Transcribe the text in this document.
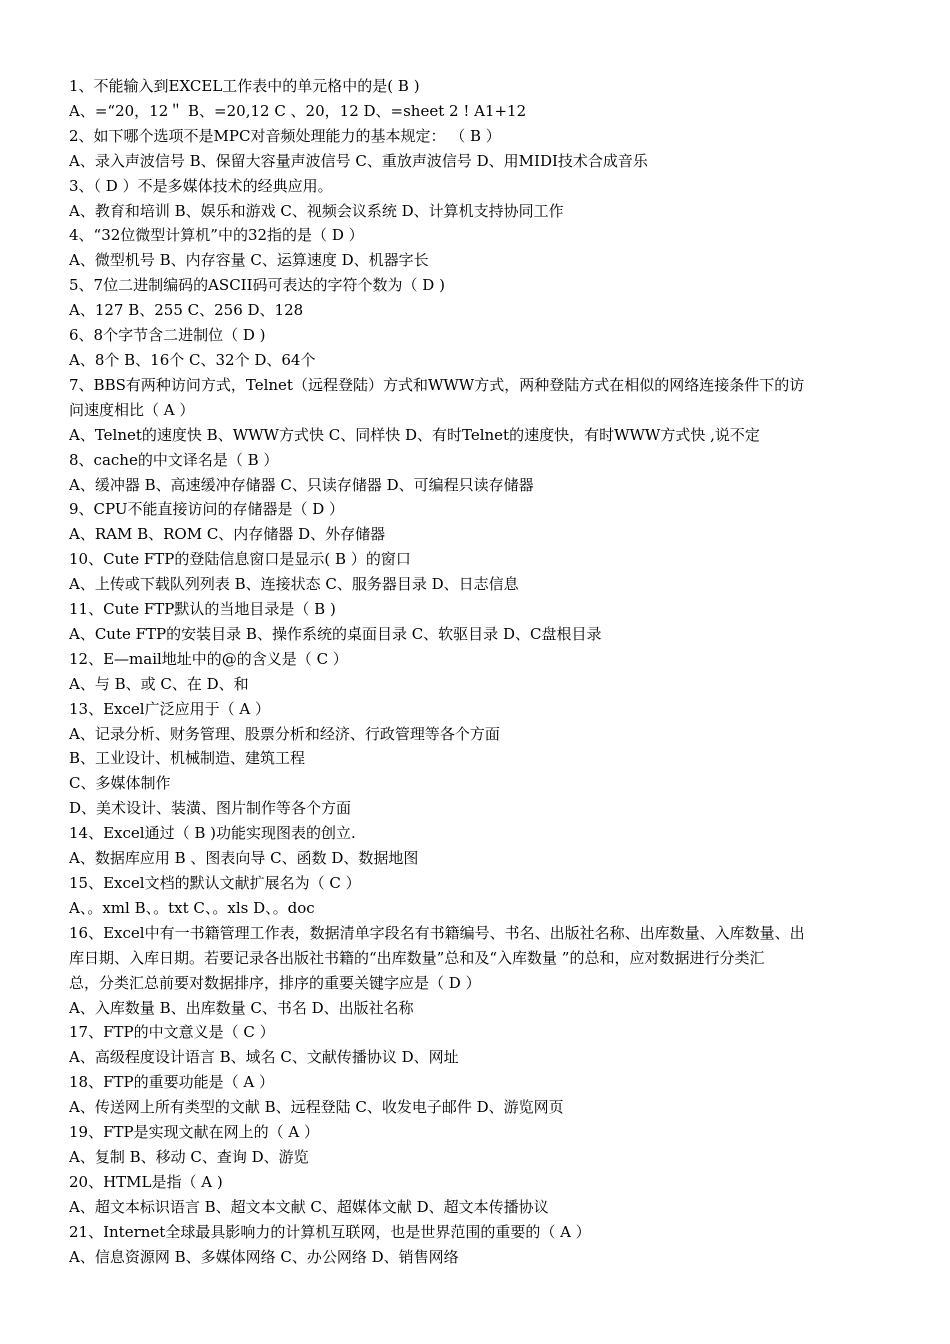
1、不能输入到EXCEL工作表中的单元格中的是( B )
A、=“20，12＂ B、=20,12 C 、20，12 D、=sheet 2 ! A1+12
2、如下哪个选项不是MPC对音频处理能力的基本规定： （ B ）
A、录入声波信号 B、保留大容量声波信号 C、重放声波信号 D、用MIDI技术合成音乐
3、（ D ）不是多媒体技术的经典应用。
A、教育和培训 B、娱乐和游戏 C、视频会议系统 D、计算机支持协同工作
4、“32位微型计算机”中的32指的是（ D ）
A、微型机号 B、内存容量 C、运算速度 D、机器字长
5、7位二进制编码的ASCII码可表达的字符个数为（ D )
A、127 B、255 C、256 D、128
6、8个字节含二进制位（ D )
A、8个 B、16个 C、32个 D、64个
7、BBS有两种访问方式，Telnet（远程登陆）方式和WWW方式，两种登陆方式在相似的网络连接条件下的访
问速度相比（ A ）
A、Telnet的速度快 B、WWW方式快 C、同样快 D、有时Telnet的速度快，有时WWW方式快 ,说不定
8、cache的中文译名是（ B ）
A、缓冲器 B、高速缓冲存储器 C、只读存储器 D、可编程只读存储器
9、CPU不能直接访问的存储器是（ D ）
A、RAM B、ROM C、内存储器 D、外存储器
10、Cute FTP的登陆信息窗口是显示( B ）的窗口
A、上传或下载队列列表 B、连接状态 C、服务器目录 D、日志信息
11、Cute FTP默认的当地目录是（ B )
A、Cute FTP的安装目录 B、操作系统的桌面目录 C、软驱目录 D、C盘根目录
12、E—mail地址中的@的含义是（ C ）
A、与 B、或 C、在 D、和
13、Excel广泛应用于（ A ）
A、记录分析、财务管理、股票分析和经济、行政管理等各个方面
B、工业设计、机械制造、建筑工程
C、多媒体制作
D、美术设计、装潢、图片制作等各个方面
14、Excel通过（ B )功能实现图表的创立.
A、数据库应用 B 、图表向导 C、函数 D、数据地图
15、Excel文档的默认文献扩展名为（ C ）
A、。xml B、。txt C、。xls D、。doc
16、Excel中有一书籍管理工作表，数据清单字段名有书籍编号、书名、出版社名称、出库数量、入库数量、出
库日期、入库日期。若要记录各出版社书籍的“出库数量”总和及“入库数量 ”的总和，应对数据进行分类汇
总，分类汇总前要对数据排序，排序的重要关键字应是（ D ）
A、入库数量 B、出库数量 C、书名 D、出版社名称
17、FTP的中文意义是（ C ）
A、高级程度设计语言 B、域名 C、文献传播协议 D、网址
18、FTP的重要功能是（ A ）
A、传送网上所有类型的文献 B、远程登陆 C、收发电子邮件 D、游览网页
19、FTP是实现文献在网上的（ A ）
A、复制 B、移动 C、查询 D、游览
20、HTML是指（ A )
A、超文本标识语言 B、超文本文献 C、超媒体文献 D、超文本传播协议
21、Internet全球最具影响力的计算机互联网，也是世界范围的重要的（ A ）
A、信息资源网 B、多媒体网络 C、办公网络 D、销售网络
